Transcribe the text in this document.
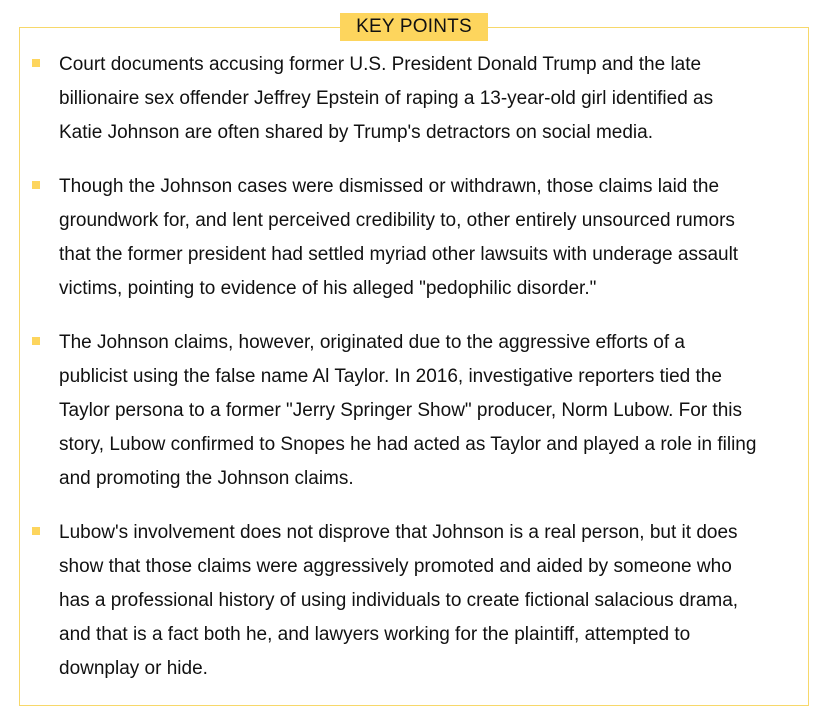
KEY POINTS
Court documents accusing former U.S. President Donald Trump and the late
billionaire sex offender Jeffrey Epstein of raping a 13-year-old girl identified as
Katie Johnson are often shared by Trump's detractors on social media.
Though the Johnson cases were dismissed or withdrawn, those claims laid the
groundwork for, and lent perceived credibility to, other entirely unsourced rumors
that the former president had settled myriad other lawsuits with underage assault
victims, pointing to evidence of his alleged "pedophilic disorder."
The Johnson claims, however, originated due to the aggressive efforts of a
publicist using the false name Al Taylor. In 2016, investigative reporters tied the
Taylor persona to a former "Jerry Springer Show" producer, Norm Lubow. For this
story, Lubow confirmed to Snopes he had acted as Taylor and played a role in filing
and promoting the Johnson claims.
Lubow's involvement does not disprove that Johnson is a real person, but it does
show that those claims were aggressively promoted and aided by someone who
has a professional history of using individuals to create fictional salacious drama,
and that is a fact both he, and lawyers working for the plaintiff, attempted to
downplay or hide.
